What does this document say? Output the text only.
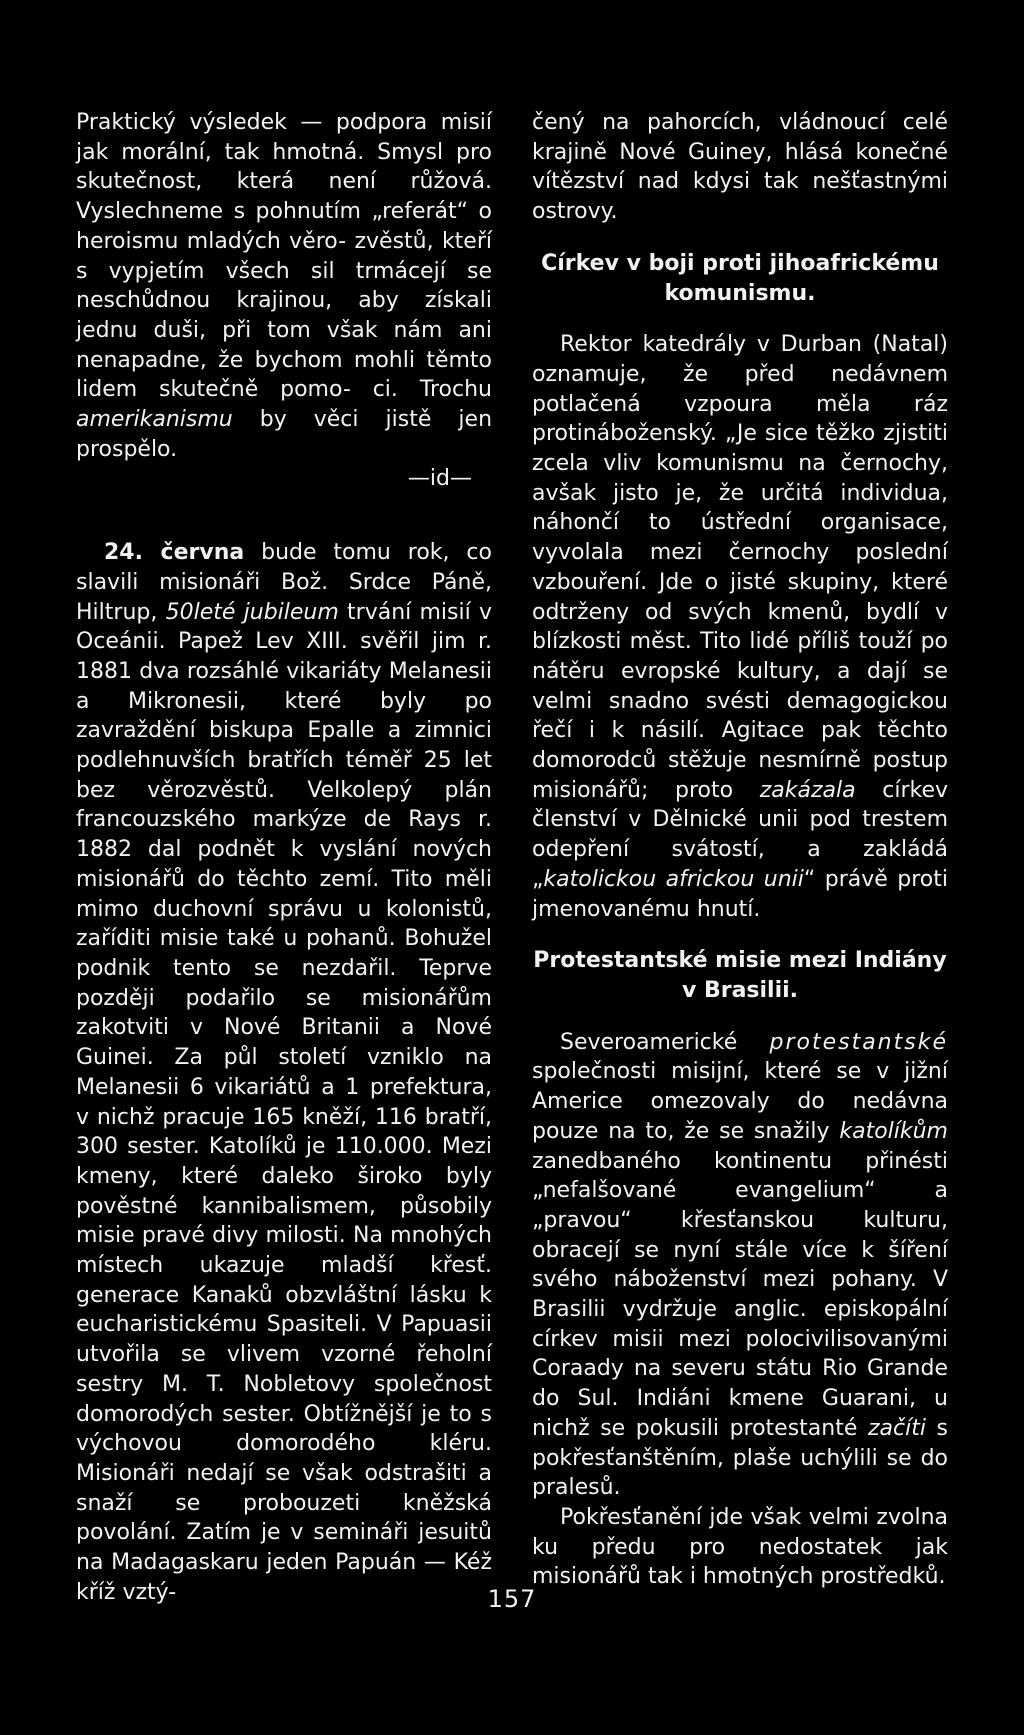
Praktický výsledek — podpora misií jak morální, tak hmotná. Smysl pro skutečnost, která není růžová. Vyslechneme s pohnutím „referát“ o heroismu mladých věro- zvěstů, kteří s vypjetím všech sil trmácejí se neschůdnou krajinou, aby získali jednu duši, při tom však nám ani nenapadne, že bychom mohli těmto lidem skutečně pomo- ci. Trochu amerikanismu by věci jistě jen prospělo.

—id—

24. června bude tomu rok, co slavili misionáři Bož. Srdce Páně, Hiltrup, 50leté jubileum trvání misií v Oceánii. Papež Lev XIII. svěřil jim r. 1881 dva rozsáhlé vikariáty Melanesii a Mikronesii, které byly po zavraždění biskupa Epalle a zimnici podlehnuvších bratřích téměř 25 let bez věrozvěstů. Velkolepý plán francouzského markýze de Rays r. 1882 dal podnět k vyslání nových misionářů do těchto zemí. Tito měli mimo duchovní správu u kolonistů, zaříditi misie také u pohanů. Bohužel podnik tento se nezdařil. Teprve později podařilo se misionářům zakotviti v Nové Britanii a Nové Guinei. Za půl století vzniklo na Melanesii 6 vikariátů a 1 prefektura, v nichž pracuje 165 kněží, 116 bratří, 300 sester. Katolíků je 110.000. Mezi kmeny, které daleko široko byly pověstné kannibalismem, působily misie pravé divy milosti. Na mnohých místech ukazuje mladší křesť. generace Kanaků obzvláštní lásku k eucharistickému Spasiteli. V Papuasii utvořila se vlivem vzorné řeholní sestry M. T. Nobletovy společnost domorodých sester. Obtížnější je to s výchovou domorodého kléru. Misionáři nedají se však odstrašiti a snaží se probouzeti kněžská povolání. Zatím je v semináři jesuitů na Madagaskaru jeden Papuán — Kéž kříž vztý-

čený na pahorcích, vládnoucí celé krajině Nové Guiney, hlásá konečné vítězství nad kdysi tak nešťastnými ostrovy.

Církev v boji proti jihoafrickému komunismu.

Rektor katedrály v Durban (Natal) oznamuje, že před nedávnem potlačená vzpoura měla ráz protináboženský. „Je sice těžko zjistiti zcela vliv komunismu na černochy, avšak jisto je, že určitá individua, náhončí to ústřední organisace, vyvolala mezi černochy poslední vzbouření. Jde o jisté skupiny, které odtrženy od svých kmenů, bydlí v blízkosti měst. Tito lidé příliš touží po nátěru evropské kultury, a dají se velmi snadno svésti demagogickou řečí i k násilí. Agitace pak těchto domorodců stěžuje nesmírně postup misionářů; proto zakázala církev členství v Dělnické unii pod trestem odepření svátostí, a zakládá „katolickou africkou unii“ právě proti jmenovanému hnutí.

Protestantské misie mezi Indiány v Brasilii.

Severoamerické protestantské společnosti misijní, které se v jižní Americe omezovaly do nedávna pouze na to, že se snažily katolíkům zanedbaného kontinentu přinésti „nefalšované evangelium“ a „pravou“ křesťanskou kulturu, obracejí se nyní stále více k šíření svého náboženství mezi pohany. V Brasilii vydržuje anglic. episkopální církev misii mezi polocivilisovanými Coraady na severu státu Rio Grande do Sul. Indiáni kmene Guarani, u nichž se pokusili protestanté začíti s pokřesťanštěním, plaše uchýlili se do pralesů.

Pokřesťanění jde však velmi zvolna ku předu pro nedostatek jak misionářů tak i hmotných prostředků.

157
